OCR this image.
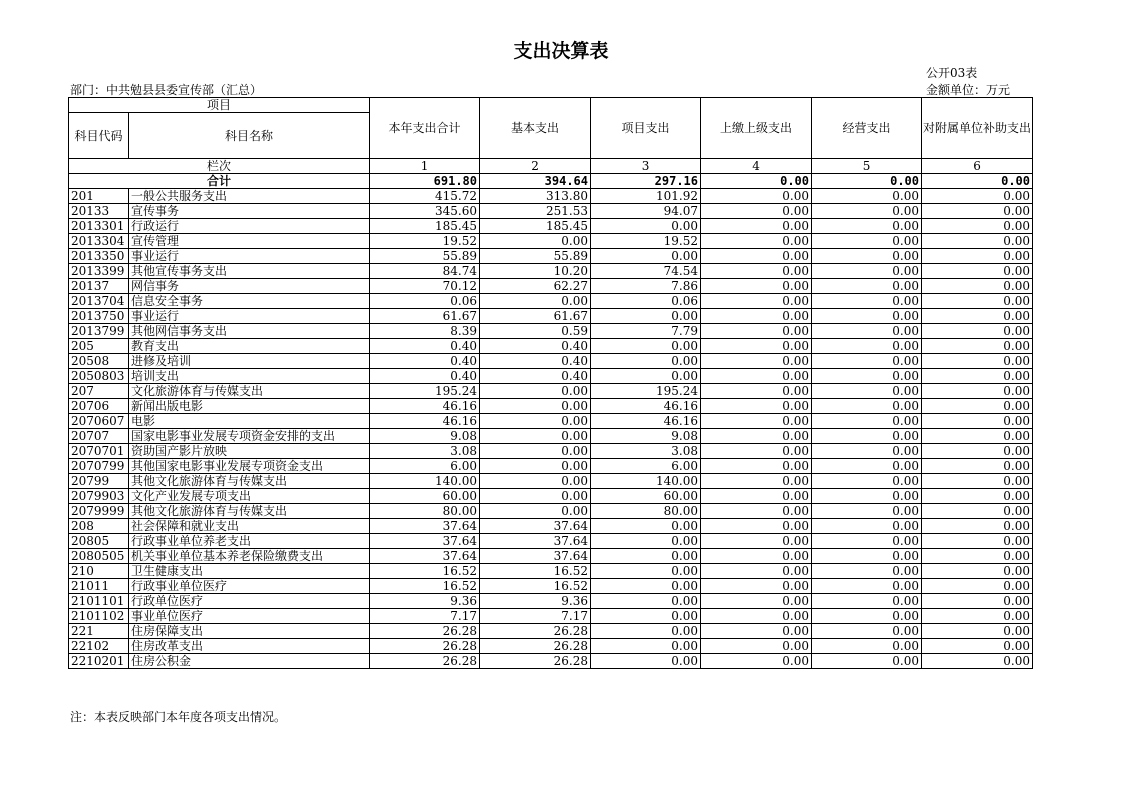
支出决算表
公开03表
部门：中共勉县县委宣传部（汇总）	金额单位：万元
项目		本年支出合计	基本支出	项目支出	上缴上级支出	经营支出	对附属单位补助支出
科目代码	科目名称						
栏次		1	2	3	4	5	6
合计		691.80	394.64	297.16	0.00	0.00	0.00
201	一般公共服务支出	415.72	313.80	101.92	0.00	0.00	0.00
20133	宣传事务	345.60	251.53	94.07	0.00	0.00	0.00
2013301	行政运行	185.45	185.45	0.00	0.00	0.00	0.00
2013304	宣传管理	19.52	0.00	19.52	0.00	0.00	0.00
2013350	事业运行	55.89	55.89	0.00	0.00	0.00	0.00
2013399	其他宣传事务支出	84.74	10.20	74.54	0.00	0.00	0.00
20137	网信事务	70.12	62.27	7.86	0.00	0.00	0.00
2013704	信息安全事务	0.06	0.00	0.06	0.00	0.00	0.00
2013750	事业运行	61.67	61.67	0.00	0.00	0.00	0.00
2013799	其他网信事务支出	8.39	0.59	7.79	0.00	0.00	0.00
205	教育支出	0.40	0.40	0.00	0.00	0.00	0.00
20508	进修及培训	0.40	0.40	0.00	0.00	0.00	0.00
2050803	培训支出	0.40	0.40	0.00	0.00	0.00	0.00
207	文化旅游体育与传媒支出	195.24	0.00	195.24	0.00	0.00	0.00
20706	新闻出版电影	46.16	0.00	46.16	0.00	0.00	0.00
2070607	电影	46.16	0.00	46.16	0.00	0.00	0.00
20707	国家电影事业发展专项资金安排的支出	9.08	0.00	9.08	0.00	0.00	0.00
2070701	资助国产影片放映	3.08	0.00	3.08	0.00	0.00	0.00
2070799	其他国家电影事业发展专项资金支出	6.00	0.00	6.00	0.00	0.00	0.00
20799	其他文化旅游体育与传媒支出	140.00	0.00	140.00	0.00	0.00	0.00
2079903	文化产业发展专项支出	60.00	0.00	60.00	0.00	0.00	0.00
2079999	其他文化旅游体育与传媒支出	80.00	0.00	80.00	0.00	0.00	0.00
208	社会保障和就业支出	37.64	37.64	0.00	0.00	0.00	0.00
20805	行政事业单位养老支出	37.64	37.64	0.00	0.00	0.00	0.00
2080505	机关事业单位基本养老保险缴费支出	37.64	37.64	0.00	0.00	0.00	0.00
210	卫生健康支出	16.52	16.52	0.00	0.00	0.00	0.00
21011	行政事业单位医疗	16.52	16.52	0.00	0.00	0.00	0.00
2101101	行政单位医疗	9.36	9.36	0.00	0.00	0.00	0.00
2101102	事业单位医疗	7.17	7.17	0.00	0.00	0.00	0.00
221	住房保障支出	26.28	26.28	0.00	0.00	0.00	0.00
22102	住房改革支出	26.28	26.28	0.00	0.00	0.00	0.00
2210201	住房公积金	26.28	26.28	0.00	0.00	0.00	0.00
注：本表反映部门本年度各项支出情况。
